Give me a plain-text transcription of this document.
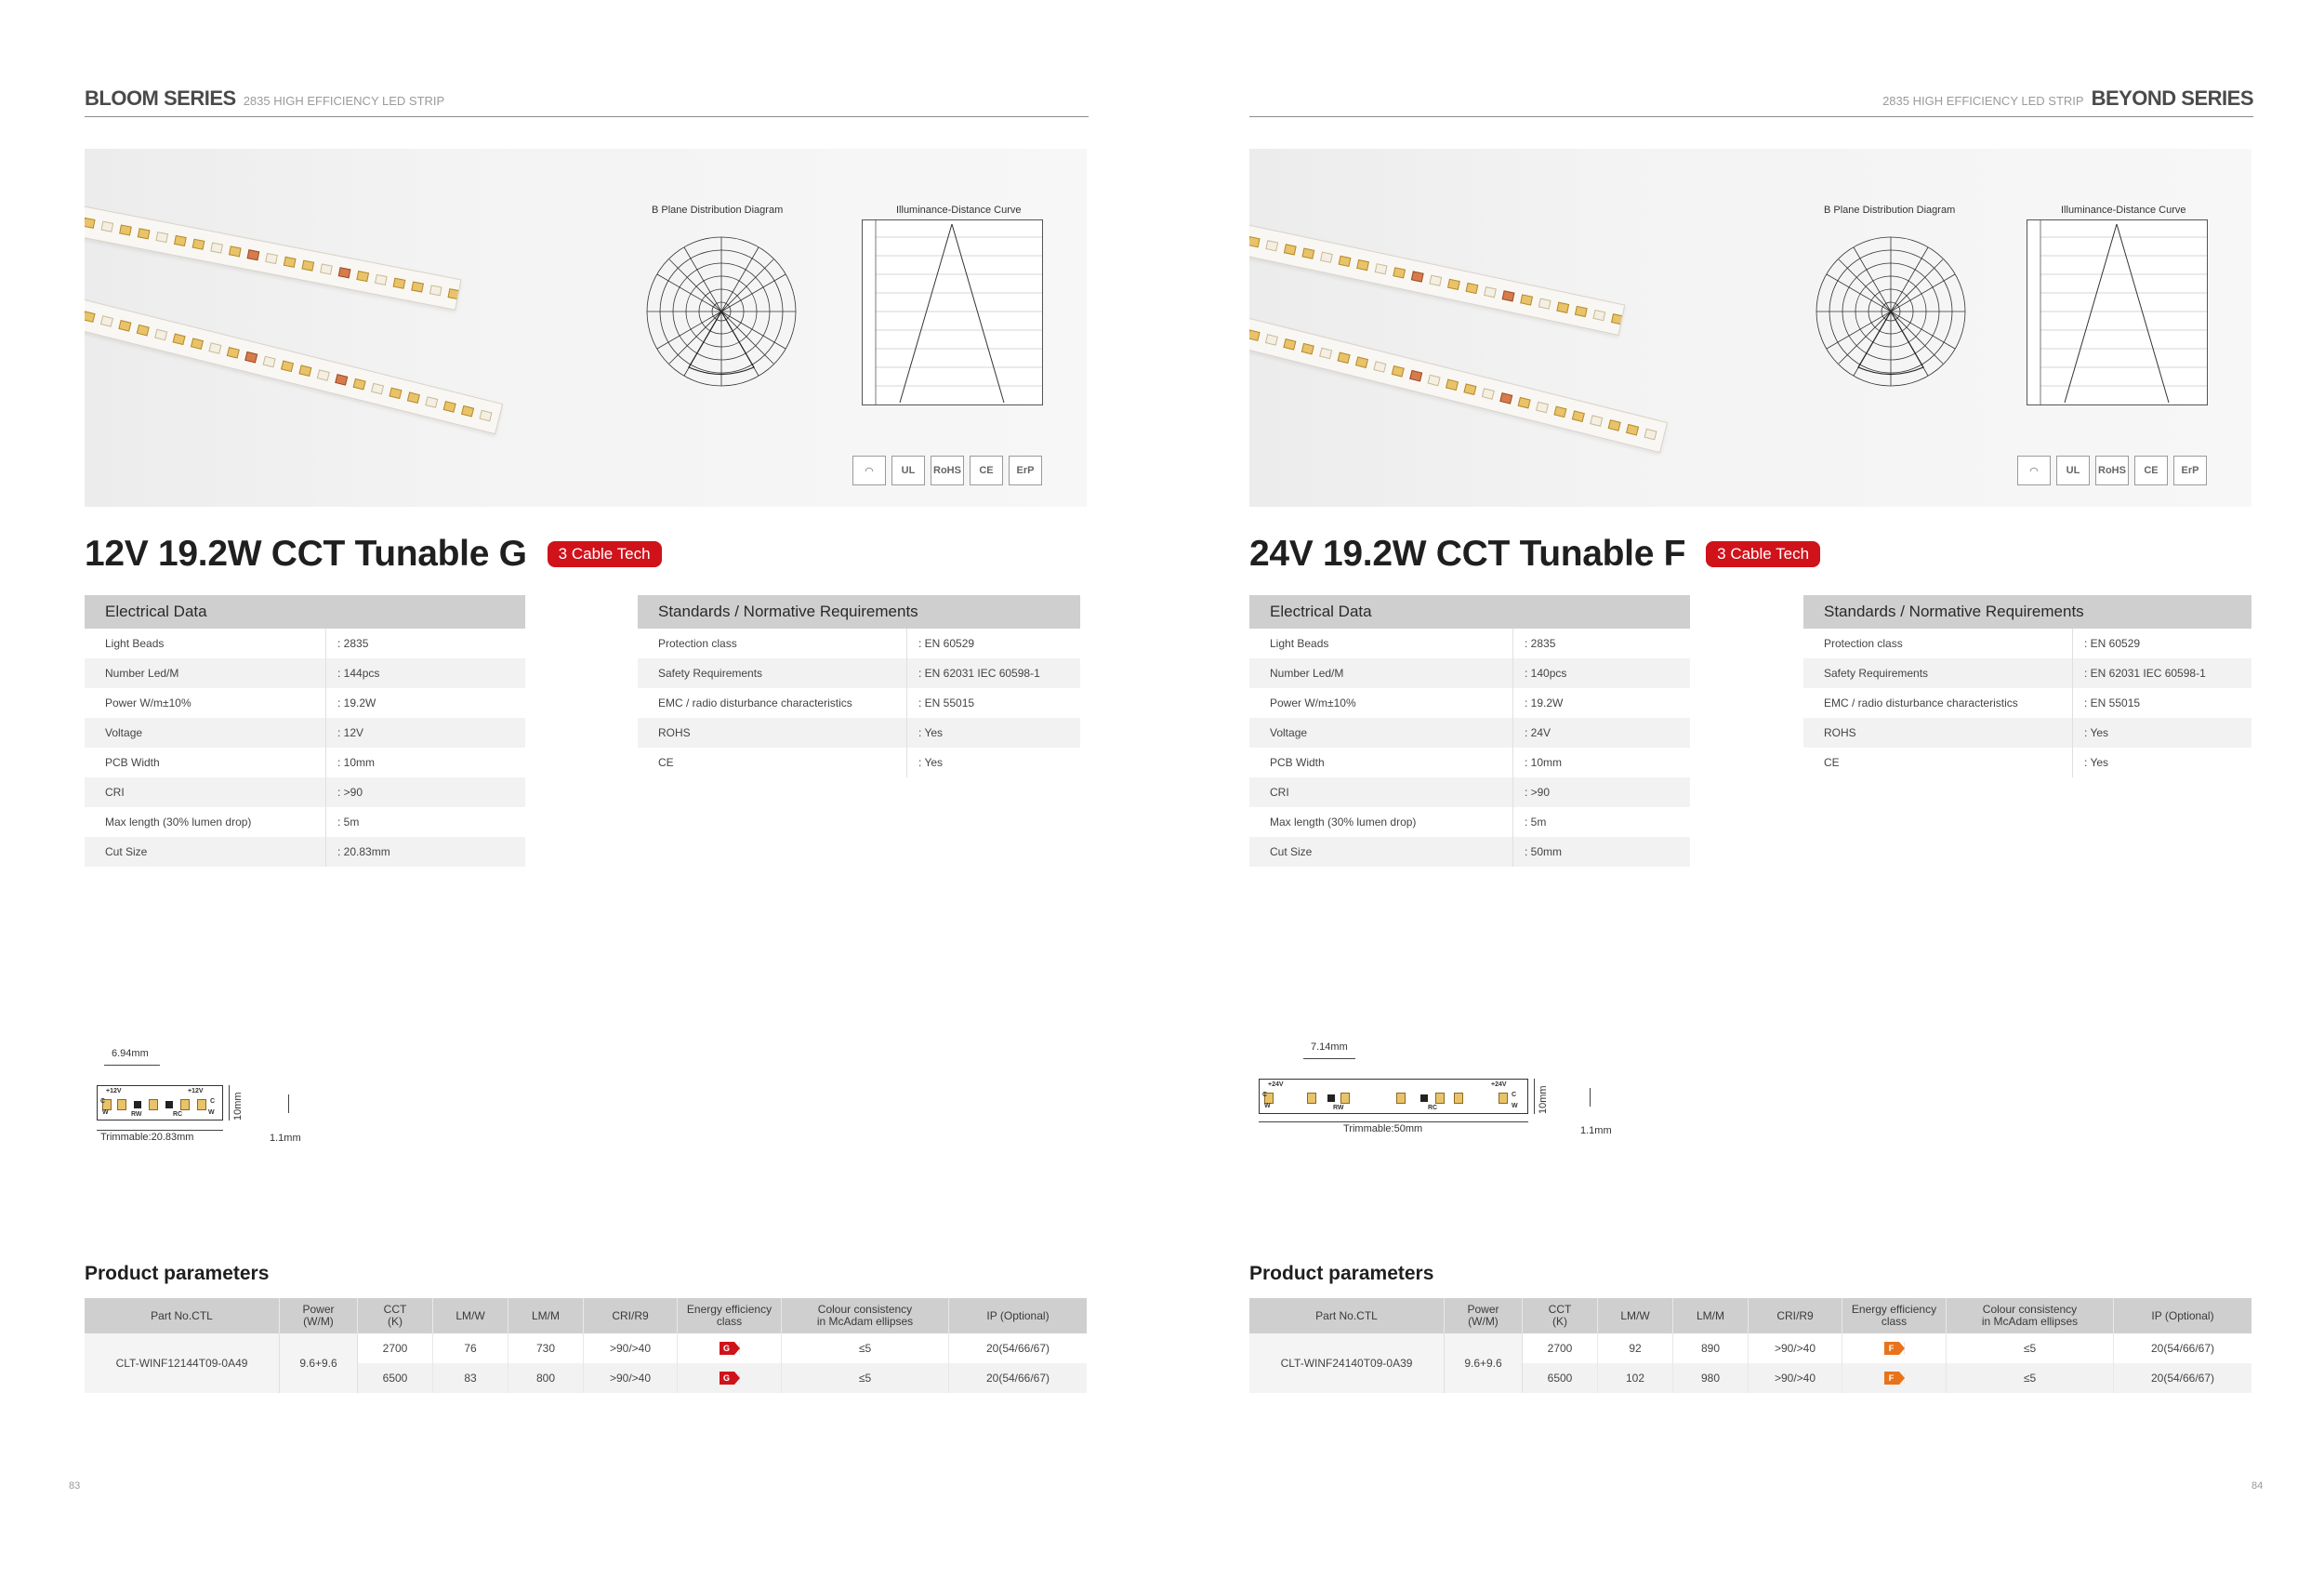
BLOOM SERIES 2835 HIGH EFFICIENCY LED STRIP
B Plane Distribution Diagram	Illuminance-Distance Curve
◠	UL	RoHS	CE	ErP
12V 19.2W CCT Tunable G	3 Cable Tech
Electrical Data
Light Beads	: 2835
Number Led/M	: 144pcs
Power W/m±10%	: 19.2W
Voltage	: 12V
PCB Width	: 10mm
CRI	: >90
Max length (30% lumen drop)	: 5m
Cut Size	: 20.83mm
Standards / Normative Requirements
Protection class	: EN 60529
Safety Requirements	: EN 62031 IEC 60598-1
EMC / radio disturbance characteristics	: EN 55015
ROHS	: Yes
CE	: Yes
6.94mm
+12V	+12V
C
W	RW	RC
C
W 10mm
Trimmable:20.83mm	1.1mm
Product parameters
Part No.CTL	Power
(W/M)
CCT
(K)	LM/W	LM/M	CRI/R9	Energy efficiency
class
Colour consistency
in McAdam ellipses	IP (Optional)
CLT-WINF12144T09-0A49	9.6+9.6
2700	76	730	>90/>40	G	≤5	20(54/66/67)
6500	83	800	>90/>40	G	≤5	20(54/66/67)
83
2835 HIGH EFFICIENCY LED STRIP BEYOND SERIES
B Plane Distribution Diagram	Illuminance-Distance Curve
◠	UL	RoHS	CE	ErP
24V 19.2W CCT Tunable F	3 Cable Tech
Electrical Data
Light Beads	: 2835
Number Led/M	: 140pcs
Power W/m±10%	: 19.2W
Voltage	: 24V
PCB Width	: 10mm
CRI	: >90
Max length (30% lumen drop)	: 5m
Cut Size	: 50mm
Standards / Normative Requirements
Protection class	: EN 60529
Safety Requirements	: EN 62031 IEC 60598-1
EMC / radio disturbance characteristics	: EN 55015
ROHS	: Yes
CE	: Yes
7.14mm
+24V	+24V
C
W	RW	RC
C
W 10mm
Trimmable:50mm	1.1mm
Product parameters
Part No.CTL	Power
(W/M)
CCT
(K)	LM/W	LM/M	CRI/R9	Energy efficiency
class
Colour consistency
in McAdam ellipses	IP (Optional)
CLT-WINF24140T09-0A39	9.6+9.6
2700	92	890	>90/>40	F	≤5	20(54/66/67)
6500	102	980	>90/>40	F	≤5	20(54/66/67)
84
